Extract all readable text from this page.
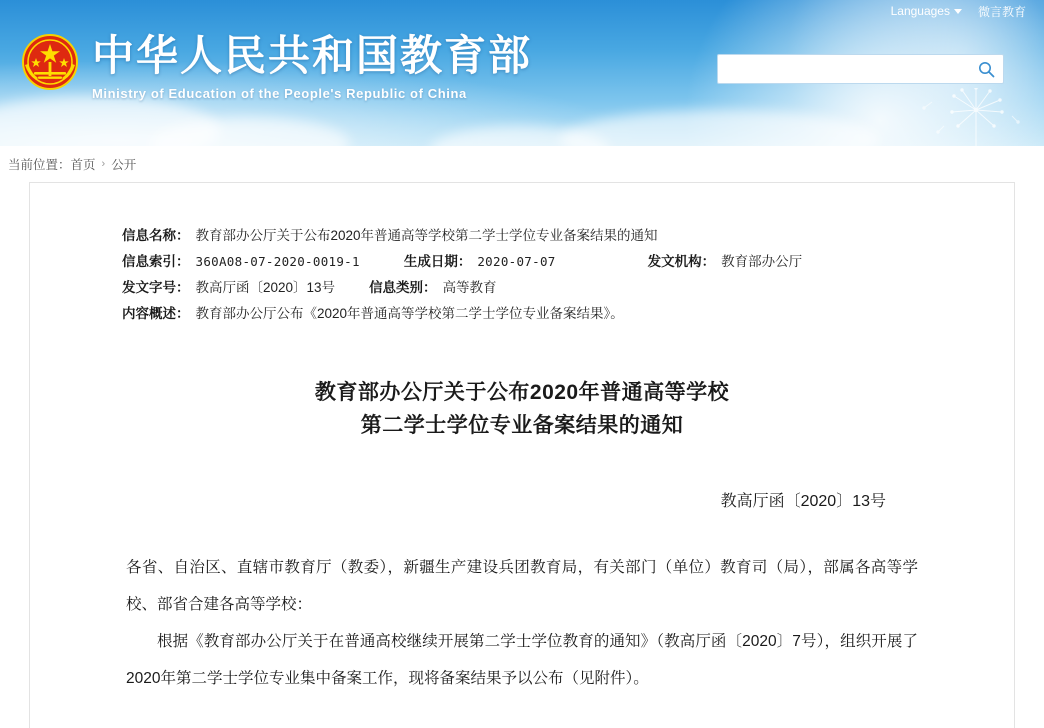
Languages 微言教育
中华人民共和国教育部
Ministry of Education of the People's Republic of China
当前位置： 首页 › 公开
信息名称： 教育部办公厅关于公布2020年普通高等学校第二学士学位专业备案结果的通知
信息索引： 360A08-07-2020-0019-1	生成日期： 2020-07-07	发文机构： 教育部办公厅
发文字号： 教高厅函〔2020〕13号	信息类别： 高等教育
内容概述： 教育部办公厅公布《2020年普通高等学校第二学士学位专业备案结果》。
教育部办公厅关于公布2020年普通高等学校
第二学士学位专业备案结果的通知
教高厅函〔2020〕13号

各省、自治区、直辖市教育厅（教委），新疆生产建设兵团教育局，有关部门（单位）教育司（局），部属各高等学校、部省合建各高等学校：

根据《教育部办公厅关于在普通高校继续开展第二学士学位教育的通知》（教高厅函〔2020〕7号），组织开展了2020年第二学士学位专业集中备案工作，现将备案结果予以公布（见附件）。
